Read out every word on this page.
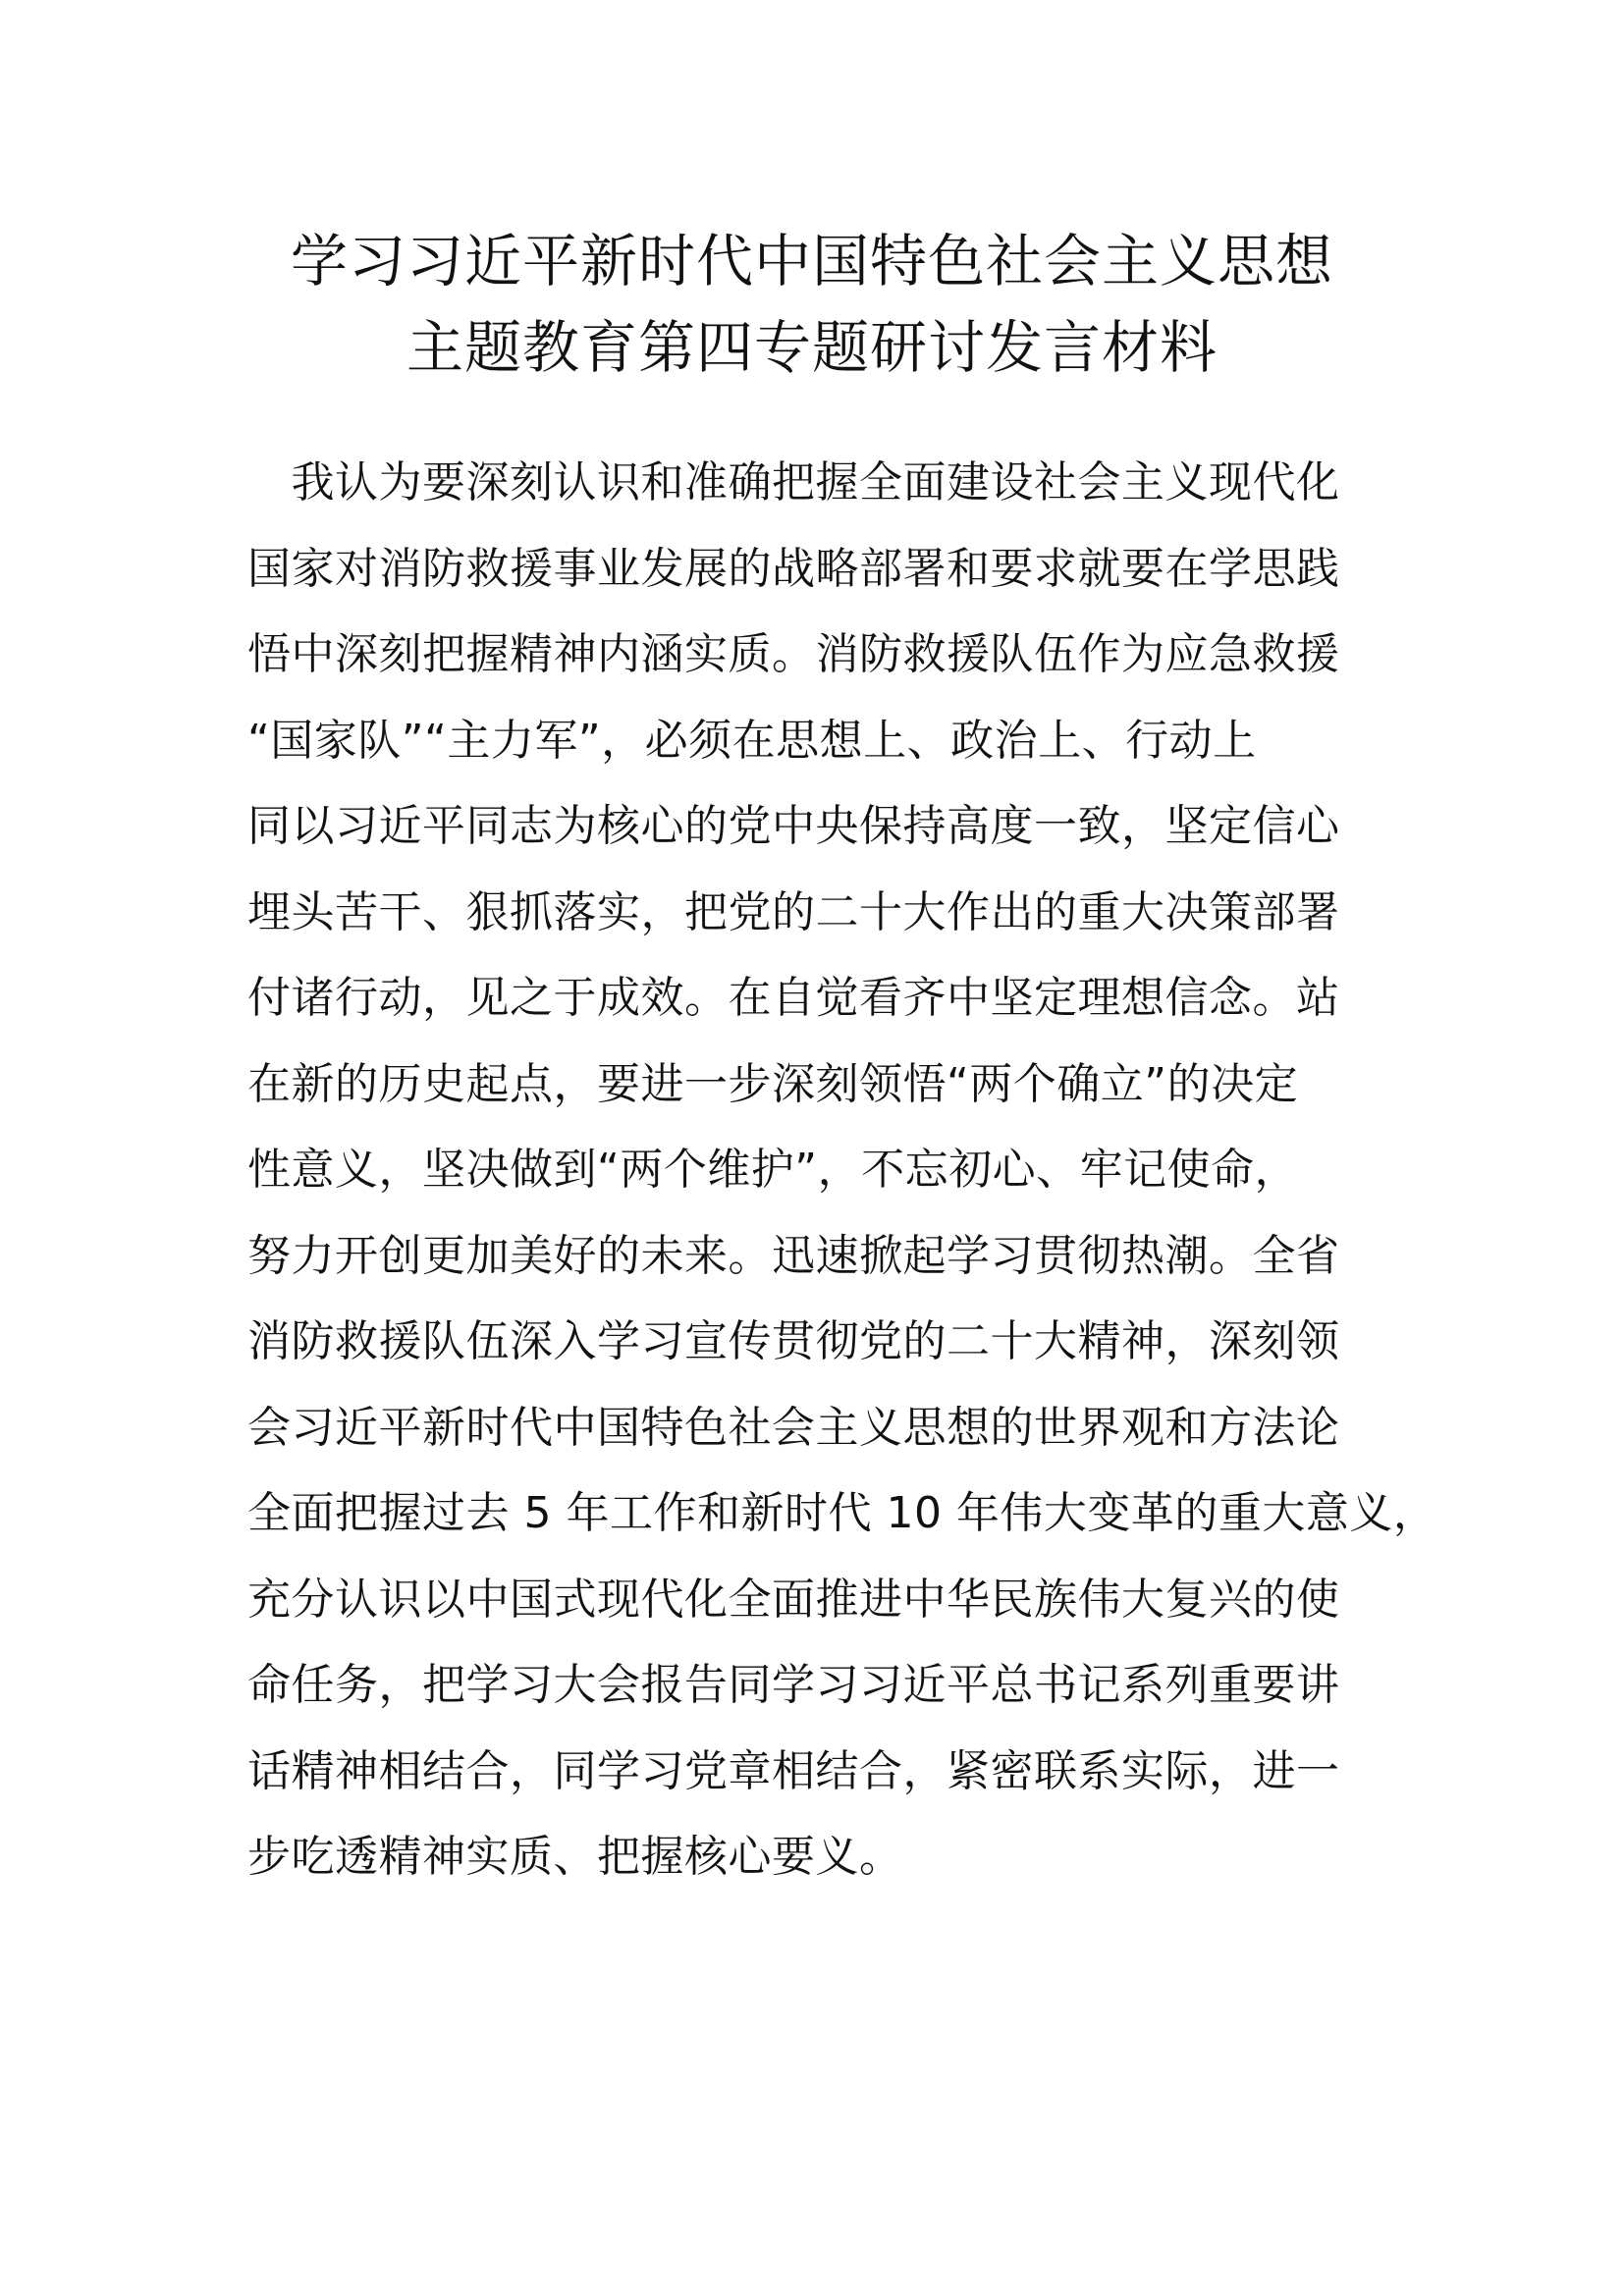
学习习近平新时代中国特色社会主义思想
主题教育第四专题研讨发言材料
　我认为要深刻认识和准确把握全面建设社会主义现代化
国家对消防救援事业发展的战略部署和要求就要在学思践
悟中深刻把握精神内涵实质。消防救援队伍作为应急救援
“国家队”“主力军”，必须在思想上、政治上、行动上
同以习近平同志为核心的党中央保持高度一致，坚定信心
埋头苦干、狠抓落实，把党的二十大作出的重大决策部署
付诸行动，见之于成效。在自觉看齐中坚定理想信念。站
在新的历史起点，要进一步深刻领悟“两个确立”的决定
性意义，坚决做到“两个维护”，不忘初心、牢记使命，
努力开创更加美好的未来。迅速掀起学习贯彻热潮。全省
消防救援队伍深入学习宣传贯彻党的二十大精神，深刻领
会习近平新时代中国特色社会主义思想的世界观和方法论
全面把握过去 5 年工作和新时代 10 年伟大变革的重大意义，
充分认识以中国式现代化全面推进中华民族伟大复兴的使
命任务，把学习大会报告同学习习近平总书记系列重要讲
话精神相结合，同学习党章相结合，紧密联系实际，进一
步吃透精神实质、把握核心要义。
